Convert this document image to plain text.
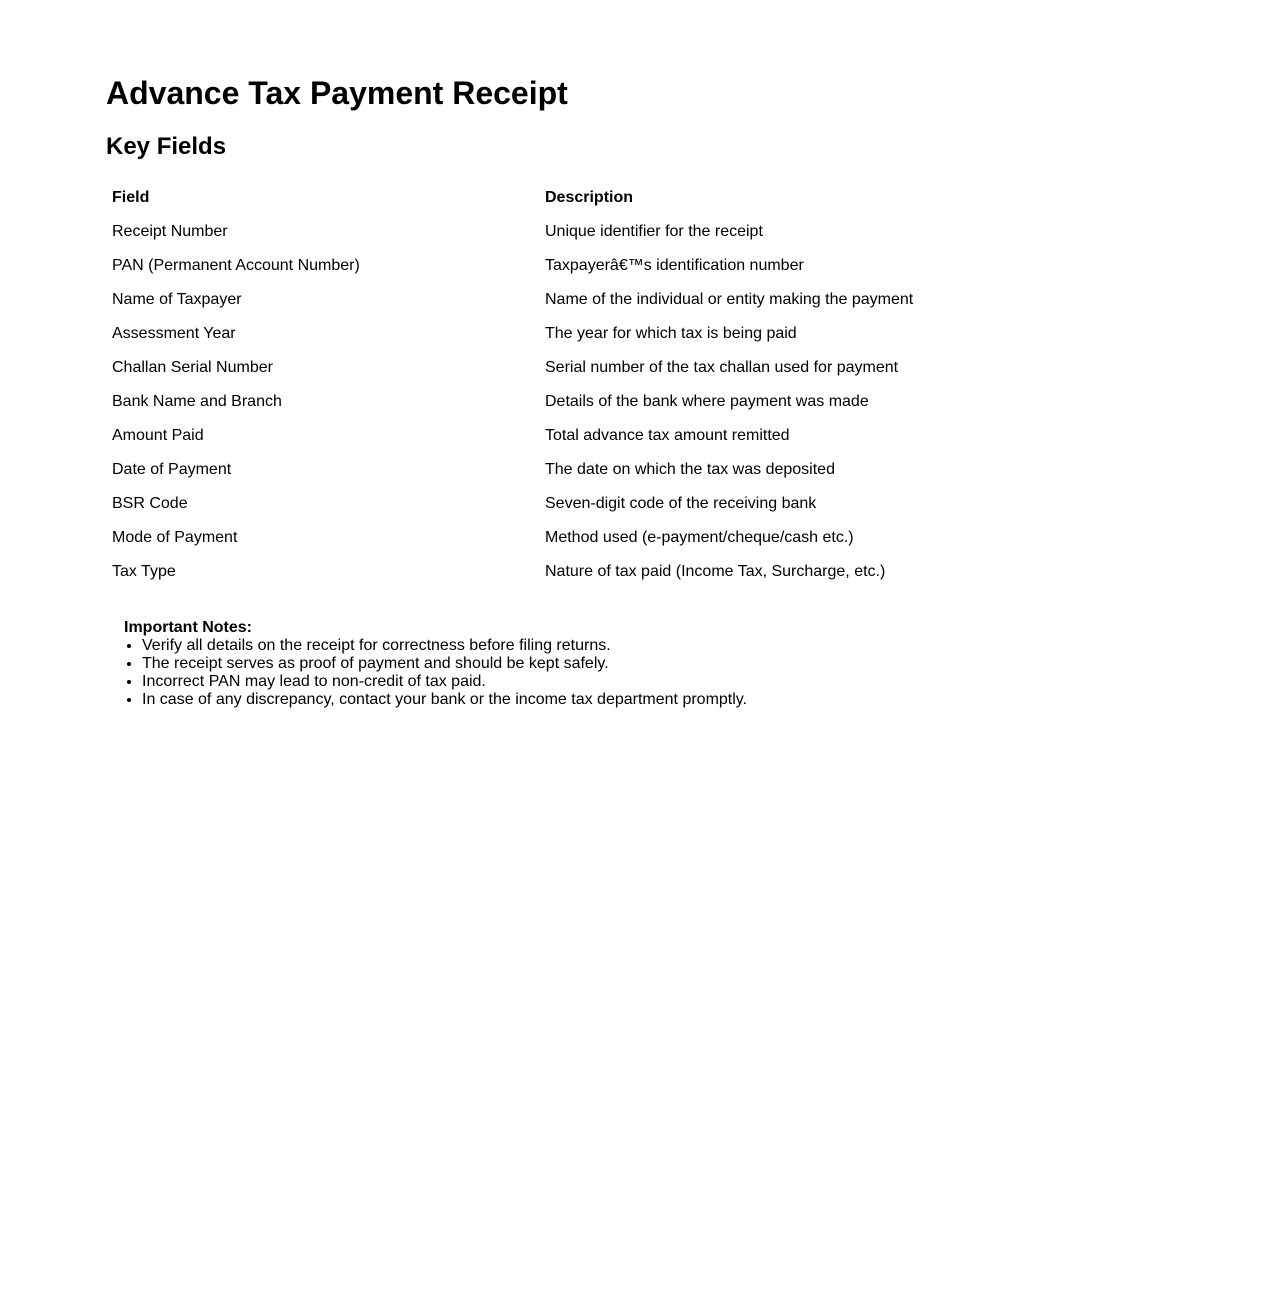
Advance Tax Payment Receipt
Key Fields
Field	Description
Receipt Number	Unique identifier for the receipt
PAN (Permanent Account Number)	Taxpayerâ€™s identification number
Name of Taxpayer	Name of the individual or entity making the payment
Assessment Year	The year for which tax is being paid
Challan Serial Number	Serial number of the tax challan used for payment
Bank Name and Branch	Details of the bank where payment was made
Amount Paid	Total advance tax amount remitted
Date of Payment	The date on which the tax was deposited
BSR Code	Seven-digit code of the receiving bank
Mode of Payment	Method used (e-payment/cheque/cash etc.)
Tax Type	Nature of tax paid (Income Tax, Surcharge, etc.)
Important Notes:
• Verify all details on the receipt for correctness before filing returns.
• The receipt serves as proof of payment and should be kept safely.
• Incorrect PAN may lead to non-credit of tax paid.
• In case of any discrepancy, contact your bank or the income tax department promptly.
